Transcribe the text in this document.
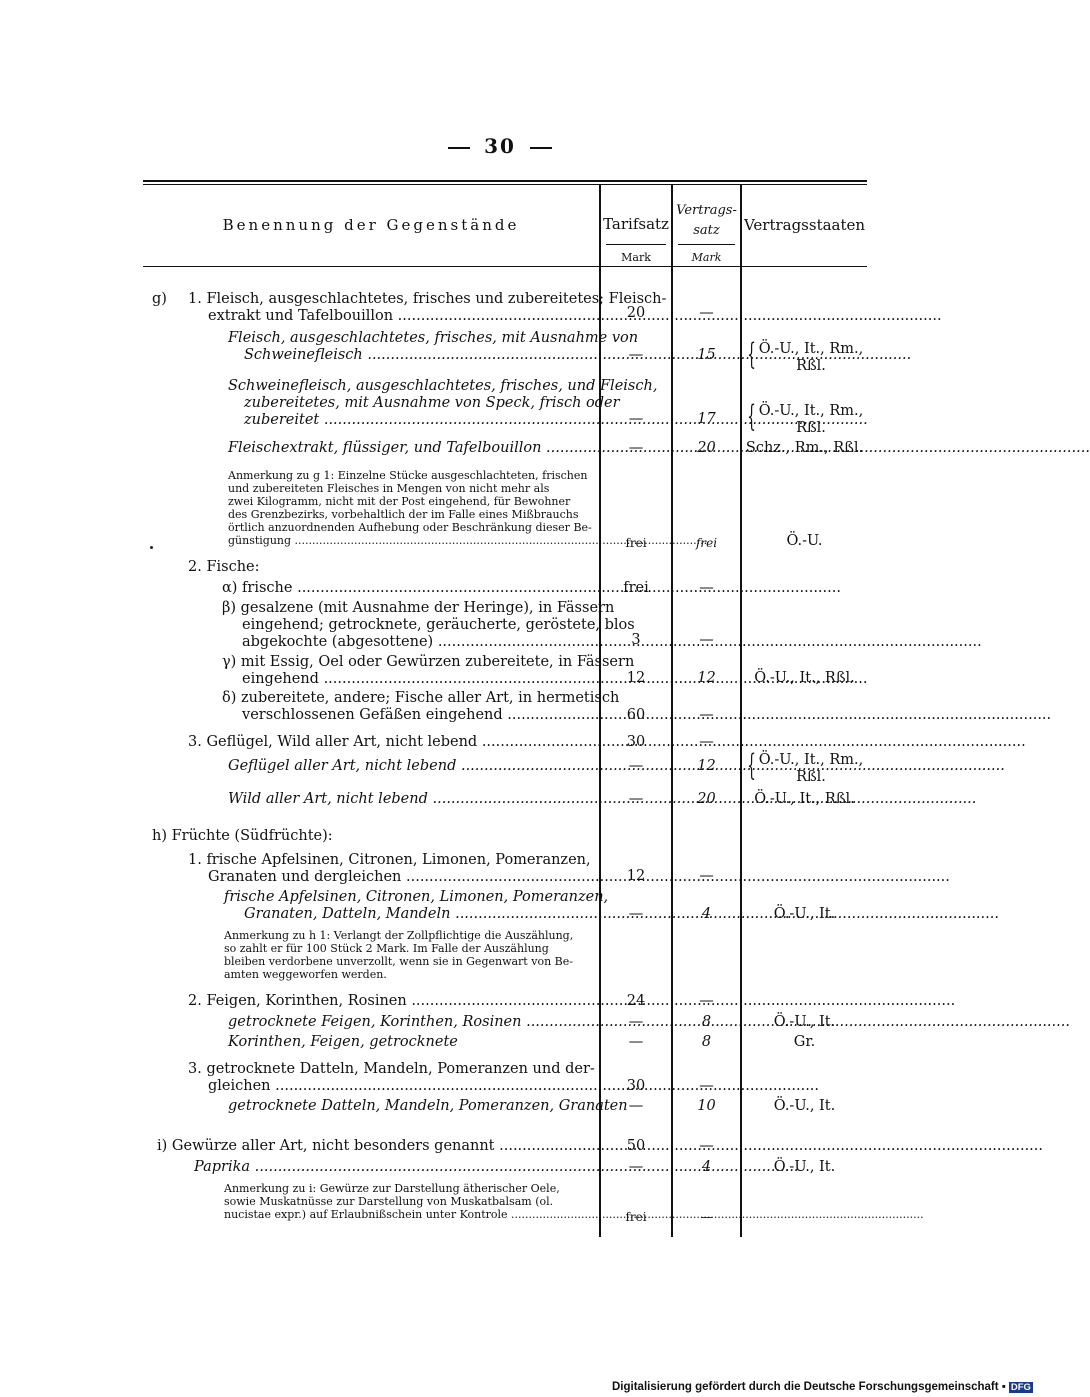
30
Benennung der Gegenstände	Tarifsatz
Mark
Vertrags-
satz
Mark
Vertragsstaaten
g) 1. Fleisch, ausgeschlachtetes, frisches und zubereitetes; Fleisch-
extrakt und Tafelbouillon .....	20	—
Fleisch, ausgeschlachtetes, frisches, mit Ausnahme von
Schweinefleisch .....	—	15	{ Ö.-U., It., Rm.,
Rßl.
Schweinefleisch, ausgeschlachtetes, frisches, und Fleisch,
zubereitetes, mit Ausnahme von Speck, frisch oder
zubereitet .....	—	17	{ Ö.-U., It., Rm.,
Rßl.
Fleischextrakt, flüssiger, und Tafelbouillon .....	—	20	Schz., Rm., Rßl.
Anmerkung zu g 1: Einzelne Stücke ausgeschlachteten, frischen
und zubereiteten Fleisches in Mengen von nicht mehr als
zwei Kilogramm, nicht mit der Post eingehend, für Bewohner
des Grenzbezirks, vorbehaltlich der im Falle eines Mißbrauchs
örtlich anzuordnenden Aufhebung oder Beschränkung dieser Be-
günstigung .....	frei	frei	Ö.-U.
2. Fische:
α) frische .....	frei	—
β) gesalzene (mit Ausnahme der Heringe), in Fässern
eingehend; getrocknete, geräucherte, geröstete, blos
abgekochte (abgesottene) .....	3	—
γ) mit Essig, Oel oder Gewürzen zubereitete, in Fässern
eingehend .....	12	12	Ö.-U., It., Rßl.
δ) zubereitete, andere; Fische aller Art, in hermetisch
verschlossenen Gefäßen eingehend .....	60	—
3. Geflügel, Wild aller Art, nicht lebend .....	30	—
Geflügel aller Art, nicht lebend .....	—	12	{ Ö.-U., It., Rm.,
Rßl.
Wild aller Art, nicht lebend .....	—	20	Ö.-U., It., Rßl.
h) Früchte (Südfrüchte):
1. frische Apfelsinen, Citronen, Limonen, Pomeranzen,
Granaten und dergleichen .....	12	—
frische Apfelsinen, Citronen, Limonen, Pomeranzen,
Granaten, Datteln, Mandeln .....	—	4	Ö.-U., It.
Anmerkung zu h 1: Verlangt der Zollpflichtige die Auszählung,
so zahlt er für 100 Stück 2 Mark. Im Falle der Auszählung
bleiben verdorbene unverzollt, wenn sie in Gegenwart von Be-
amten weggeworfen werden.
2. Feigen, Korinthen, Rosinen .....	24	—
getrocknete Feigen, Korinthen, Rosinen .....	—	8	Ö.-U., It.
Korinthen, Feigen, getrocknete	—	8	Gr.
3. getrocknete Datteln, Mandeln, Pomeranzen und der-
gleichen .....	30	—
getrocknete Datteln, Mandeln, Pomeranzen, Granaten —	10	Ö.-U., It.
i) Gewürze aller Art, nicht besonders genannt .....	50	—
Paprika .....	—	4	Ö.-U., It.
Anmerkung zu i: Gewürze zur Darstellung ätherischer Oele,
sowie Muskatnüsse zur Darstellung von Muskatbalsam (ol.
nucistae expr.) auf Erlaubnißschein unter Kontrole .....	frei	—
Digitalisierung gefördert durch die Deutsche Forschungsgemeinschaft ▪ DFG
